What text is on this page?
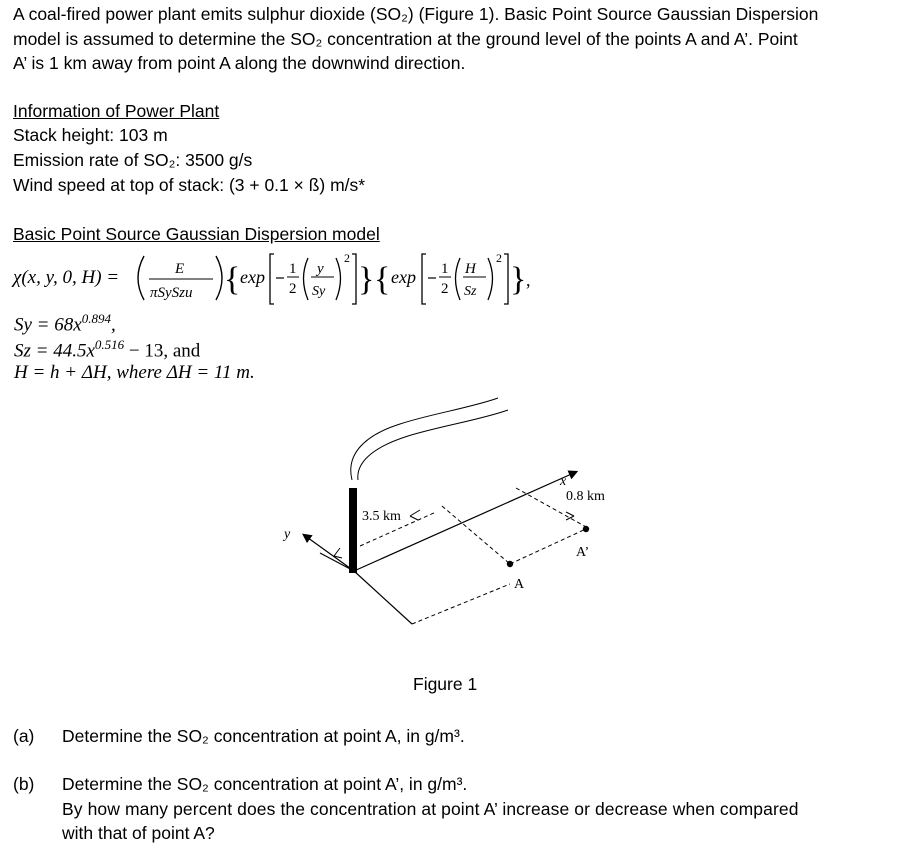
A coal-fired power plant emits sulphur dioxide (SO₂) (Figure 1). Basic Point Source Gaussian Dispersion
model is assumed to determine the SO₂ concentration at the ground level of the points A and A’. Point
A’ is 1 km away from point A along the downwind direction.
Information of Power Plant
Stack height: 103 m
Emission rate of SO₂: 3500 g/s
Wind speed at top of stack: (3 + 0.1 × ß) m/s*
Basic Point Source Gaussian Dispersion model
χ(x, y, 0, H) =	E
πSySzu { exp 1
2
y
Sy
2
} { exp 1
2
H
Sz
2
} ,
$Sy = 68x^{0.894}$,
$Sz = 44.5x^{0.516} - 13$, and
H = h + ΔH, where ΔH = 11 m.
3.5 km
0.8 km
x
y
A
A’
Figure 1
(a) Determine the SO₂ concentration at point A, in g/m³.
(b) Determine the SO₂ concentration at point A’, in g/m³.
By how many percent does the concentration at point A’ increase or decrease when compared
with that of point A?
